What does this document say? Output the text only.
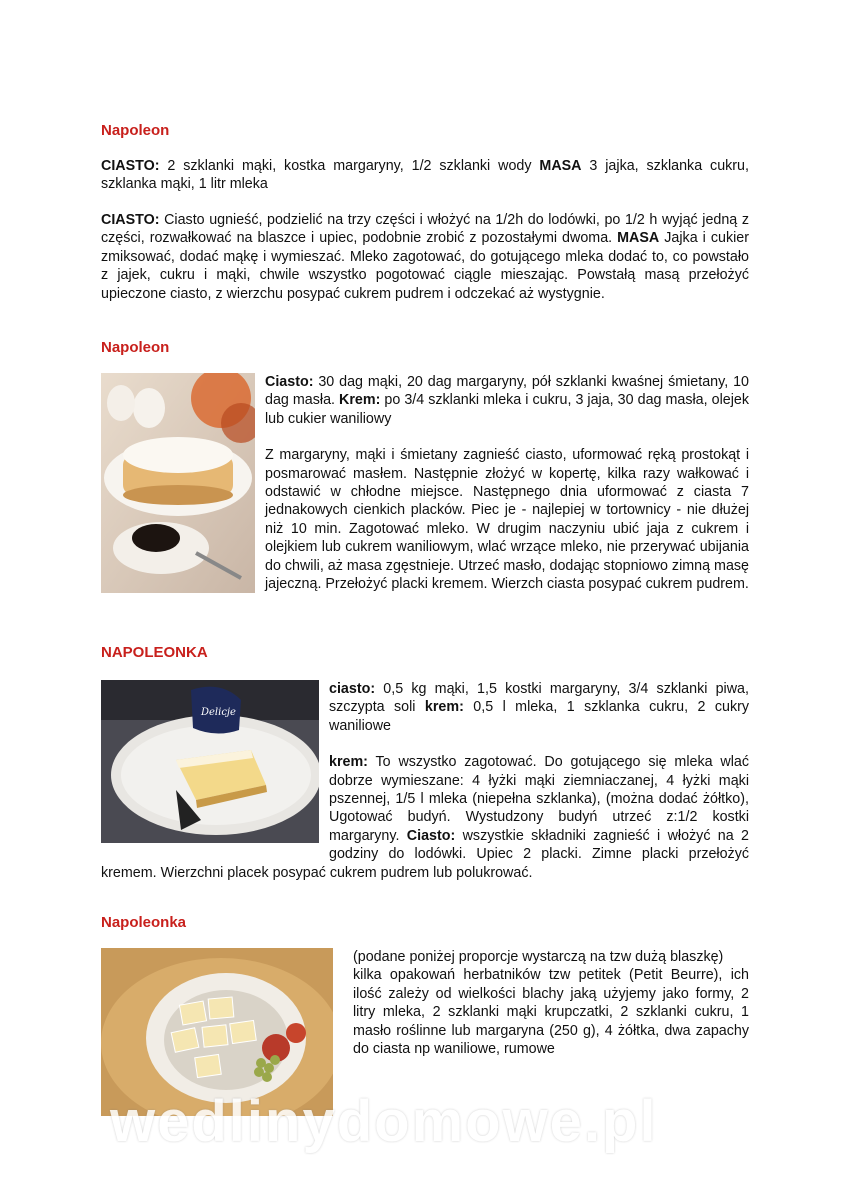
Napoleon

CIASTO: 2 szklanki mąki, kostka margaryny, 1/2 szklanki wody MASA 3 jajka, szklanka cukru, szklanka mąki, 1 litr mleka

CIASTO: Ciasto ugnieść, podzielić na trzy części i włożyć na 1/2h do lodówki, po 1/2 h wyjąć jedną z części, rozwałkować na blaszce i upiec, podobnie zrobić z pozostałymi dwoma. MASA Jajka i cukier zmiksować, dodać mąkę i wymieszać. Mleko zagotować, do gotującego mleka dodać to, co powstało z jajek, cukru i mąki, chwile wszystko pogotować ciągle mieszając. Powstałą masą przełożyć upieczone ciasto, z wierzchu posypać cukrem pudrem i odczekać aż wystygnie.

Napoleon

Ciasto: 30 dag mąki, 20 dag margaryny, pół szklanki kwaśnej śmietany, 10 dag masła. Krem: po 3/4 szklanki mleka i cukru, 3 jaja, 30 dag masła, olejek lub cukier waniliowy

Z margaryny, mąki i śmietany zagnieść ciasto, uformować ręką prostokąt i posmarować masłem. Następnie złożyć w kopertę, kilka razy wałkować i odstawić w chłodne miejsce. Następnego dnia uformować z ciasta 7 jednakowych cienkich placków. Piec je - najlepiej w tortownicy - nie dłużej niż 10 min. Zagotować mleko. W drugim naczyniu ubić jaja z cukrem i olejkiem lub cukrem waniliowym, wlać wrzące mleko, nie przerywać ubijania do chwili, aż masa zgęstnieje. Utrzeć masło, dodając stopniowo zimną masę jajeczną. Przełożyć placki kremem. Wierzch ciasta posypać cukrem pudrem.

NAPOLEONKA
Delicje

ciasto: 0,5 kg mąki, 1,5 kostki margaryny, 3/4 szklanki piwa, szczypta soli krem: 0,5 l mleka, 1 szklanka cukru, 2 cukry waniliowe

krem: To wszystko zagotować. Do gotującego się mleka wlać dobrze wymieszane: 4 łyżki mąki ziemniaczanej, 4 łyżki mąki pszennej, 1/5 l mleka (niepełna szklanka), (można dodać żółtko), Ugotować budyń. Wystudzony budyń utrzeć z:1/2 kostki margaryny. Ciasto: wszystkie składniki zagnieść i włożyć na 2 godziny do lodówki. Upiec 2 placki. Zimne placki przełożyć kremem. Wierzchni placek posypać cukrem pudrem lub polukrować.

Napoleonka

(podane poniżej proporcje wystarczą na tzw dużą blaszkę)

kilka opakowań herbatników tzw petitek (Petit Beurre), ich ilość zależy od wielkości blachy jaką użyjemy jako formy, 2 litry mleka, 2 szklanki mąki krupczatki, 2 szklanki cukru, 1 masło roślinne lub margaryna (250 g), 4 żółtka, dwa zapachy do ciasta np waniliowe, rumowe

wedlinydomowe.pl
